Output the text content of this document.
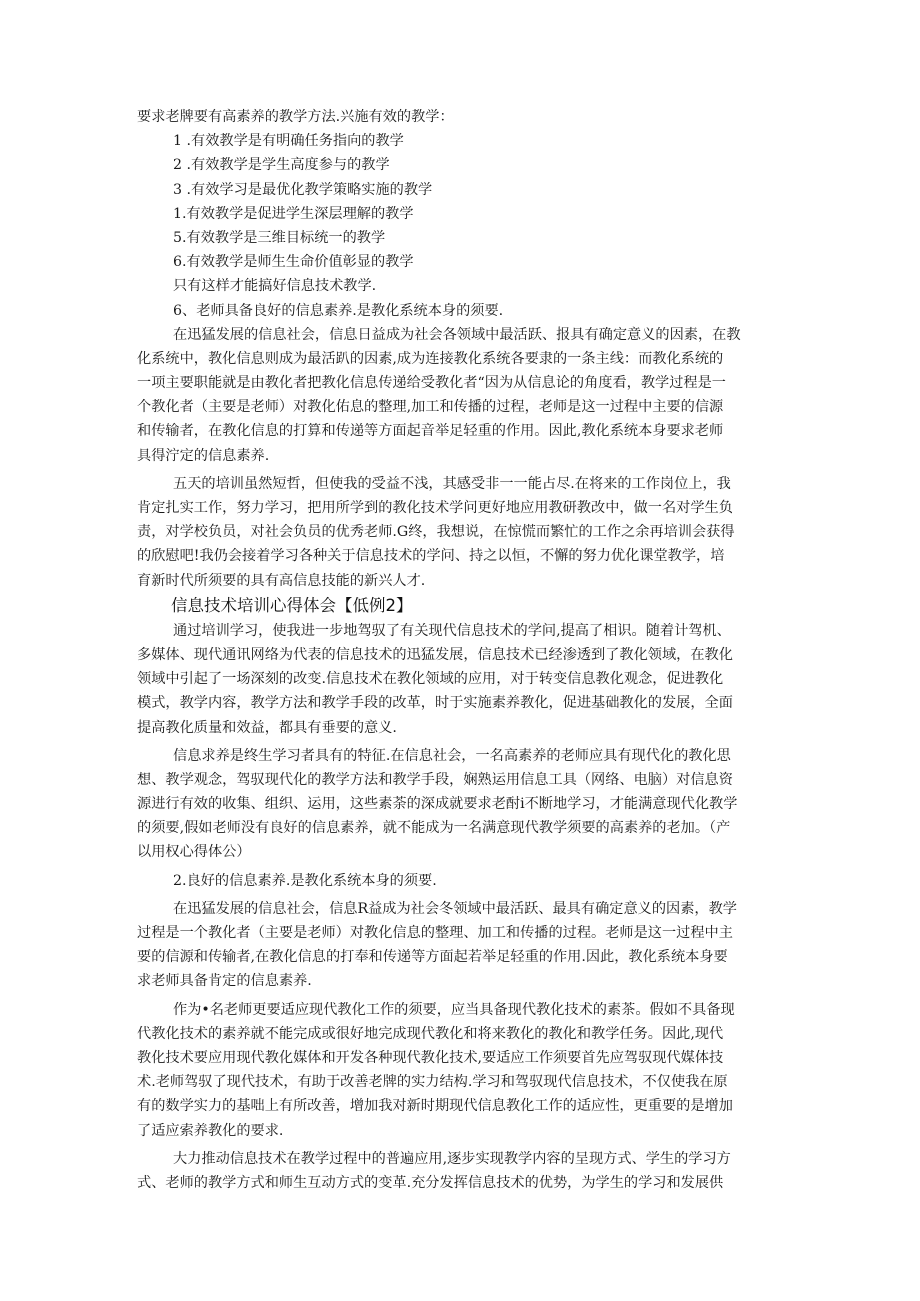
要求老牌要有高素养的教学方法.兴施有效的教学：
1 .有效教学是有明确任务指向的教学
2 .有效教学是学生高度参与的教学
3 .有效学习是最优化教学策略实施的教学
1.有效教学是促进学生深层理解的教学
5.有效教学是三维目标统一的教学
6.有效教学是师生生命价值彰显的教学
只有这样才能搞好信息技术教学.
6、老师具备良好的信息素养.是教化系统本身的须要.
在迅猛发展的信息社会，信息日益成为社会各领域中最活跃、报具有确定意义的因素，在教
化系统中，教化信息则成为最活趴的因素,成为连接教化系统各要隶的一条主线：而教化系统的
一项主要职能就是由教化者把教化信息传递给受教化者“因为从信息论的角度看，教学过程是一
个教化者（主要是老师）对教化佑息的整理,加工和传播的过程，老师是这一过程中主要的信源
和传输者，在教化信息的打算和传递等方面起音举足轻重的作用。因此,教化系统本身要求老师
具得泞定的信息素养.
五天的培训虽然短哲，但使我的受益不浅，其感受非一一能占尽.在将来的工作岗位上，我
肯定扎实工作，努力学习，把用所学到的教化技术学问更好地应用教研教改中，做一名对学生负
责，对学校负员，对社会负员的优秀老师.G终，我想说，在惊慌而繁忙的工作之余再培训会获得
的欣慰吧!我仍会接着学习各种关于信息技术的学问、持之以恒，不懈的努力优化课堂教学，培
育新时代所须要的具有高信息技能的新兴人才.
信息技术培训心得体会【低例2】
通过培训学习，使我进一步地驾驭了有关现代信息技术的学问,提高了相识。随着计驾机、
多媒体、现代通讯网络为代表的信息技术的迅猛发展，信息技术已经渗透到了教化领域，在教化
领域中引起了一场深刻的改变.信息技术在教化领域的应用，对于转变信息教化观念，促进教化
模式，教学内容，教学方法和教学手段的改革，时于实施素养教化，促进基础教化的发展，全面
提高教化质量和效益，都具有垂要的意义.
信息求养是终生学习者具有的特征.在信息社会，一名高素养的老师应具有现代化的教化思
想、教学观念，驾驭现代化的教学方法和教学手段，娴熟运用信息工具（网络、电脑）对信息资
源进行有效的收集、组织、运用，这些素荼的深成就要求老酎i不断地学习，才能满意现代化教学
的须要,假如老师没有良好的信息素养，就不能成为一名满意现代教学须要的高素养的老加。（产
以用权心得体公）
2.良好的信息素养.是教化系统本身的须要.
在迅猛发展的信息社会，信息R益成为社会冬领域中最活跃、最具有确定意义的因素，教学
过程是一个教化者（主要是老师）对教化信息的整理、加工和传播的过程。老师是这一过程中主
要的信源和传输者,在教化信息的打奉和传递等方面起若举足轻重的作用.因此，教化系统本身要
求老师具备肯定的信息素养.
作为•名老师更要适应现代教化工作的须要，应当具备现代教化技术的素茶。假如不具备现
代教化技术的素养就不能完成或很好地完成现代教化和将来教化的教化和教学任务。因此,现代
教化技术要应用现代教化媒体和开发各种现代教化技术,要适应工作须要首先应驾驭现代媒体技
术.老师驾驭了现代技术，有助于改善老牌的实力结构.学习和驾驭现代信息技术，不仅使我在原
有的数学实力的基咄上有所改善，增加我对新时期现代信息教化工作的适应性，更重要的是增加
了适应索养教化的要求.
大力推动信息技术在教学过程中的普遍应用,逐步实现教学内容的呈现方式、学生的学习方
式、老师的教学方式和师生互动方式的变革.充分发挥信息技术的优势，为学生的学习和发展供
